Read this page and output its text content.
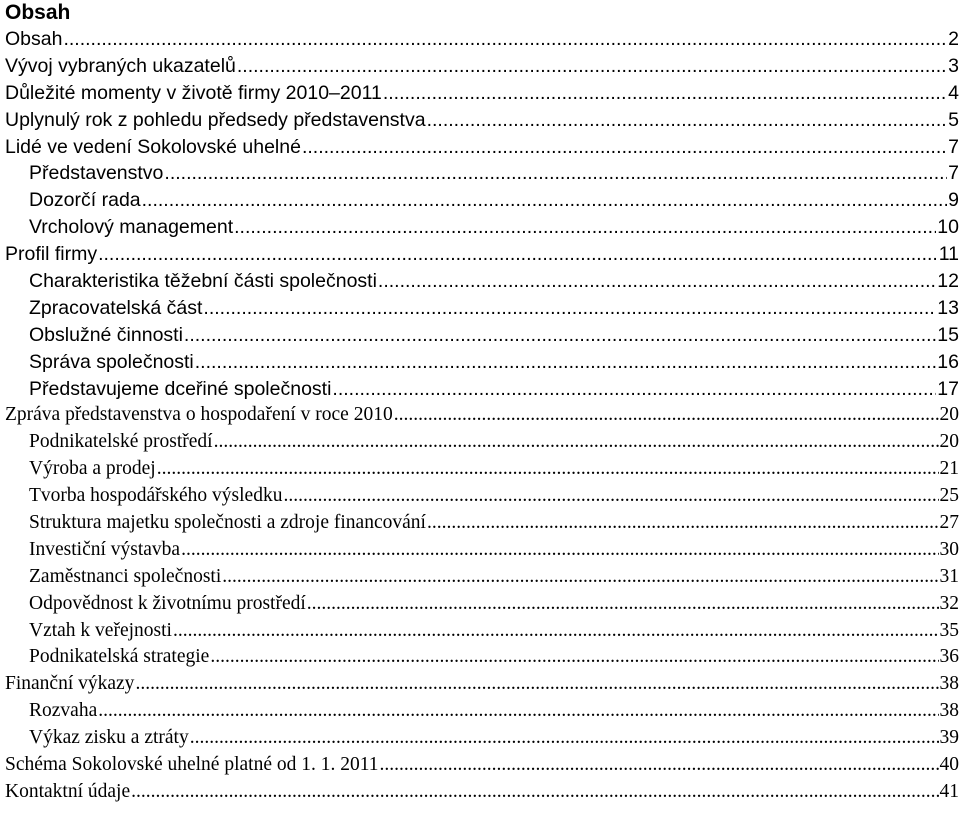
Obsah
Obsah .....	2
Vývoj vybraných ukazatelů .....	3
Důležité momenty v životě firmy 2010–2011 .....	4
Uplynulý rok z pohledu předsedy představenstva .....	5
Lidé ve vedení Sokolovské uhelné .....	7
Představenstvo .....	7
Dozorčí rada .....	9
Vrcholový management .....	10
Profil firmy .....	11
Charakteristika těžební části společnosti .....	12
Zpracovatelská část .....	13
Obslužné činnosti .....	15
Správa společnosti .....	16
Představujeme dceřiné společnosti .....	17
Zpráva představenstva o hospodaření v roce 2010 .....	20
Podnikatelské prostředí .....	20
Výroba a prodej .....	21
Tvorba hospodářského výsledku .....	25
Struktura majetku společnosti a zdroje financování .....	27
Investiční výstavba .....	30
Zaměstnanci společnosti .....	31
Odpovědnost k životnímu prostředí .....	32
Vztah k veřejnosti .....	35
Podnikatelská strategie .....	36
Finanční výkazy .....	38
Rozvaha .....	38
Výkaz zisku a ztráty .....	39
Schéma Sokolovské uhelné platné od 1. 1. 2011 .....	40
Kontaktní údaje .....	41
